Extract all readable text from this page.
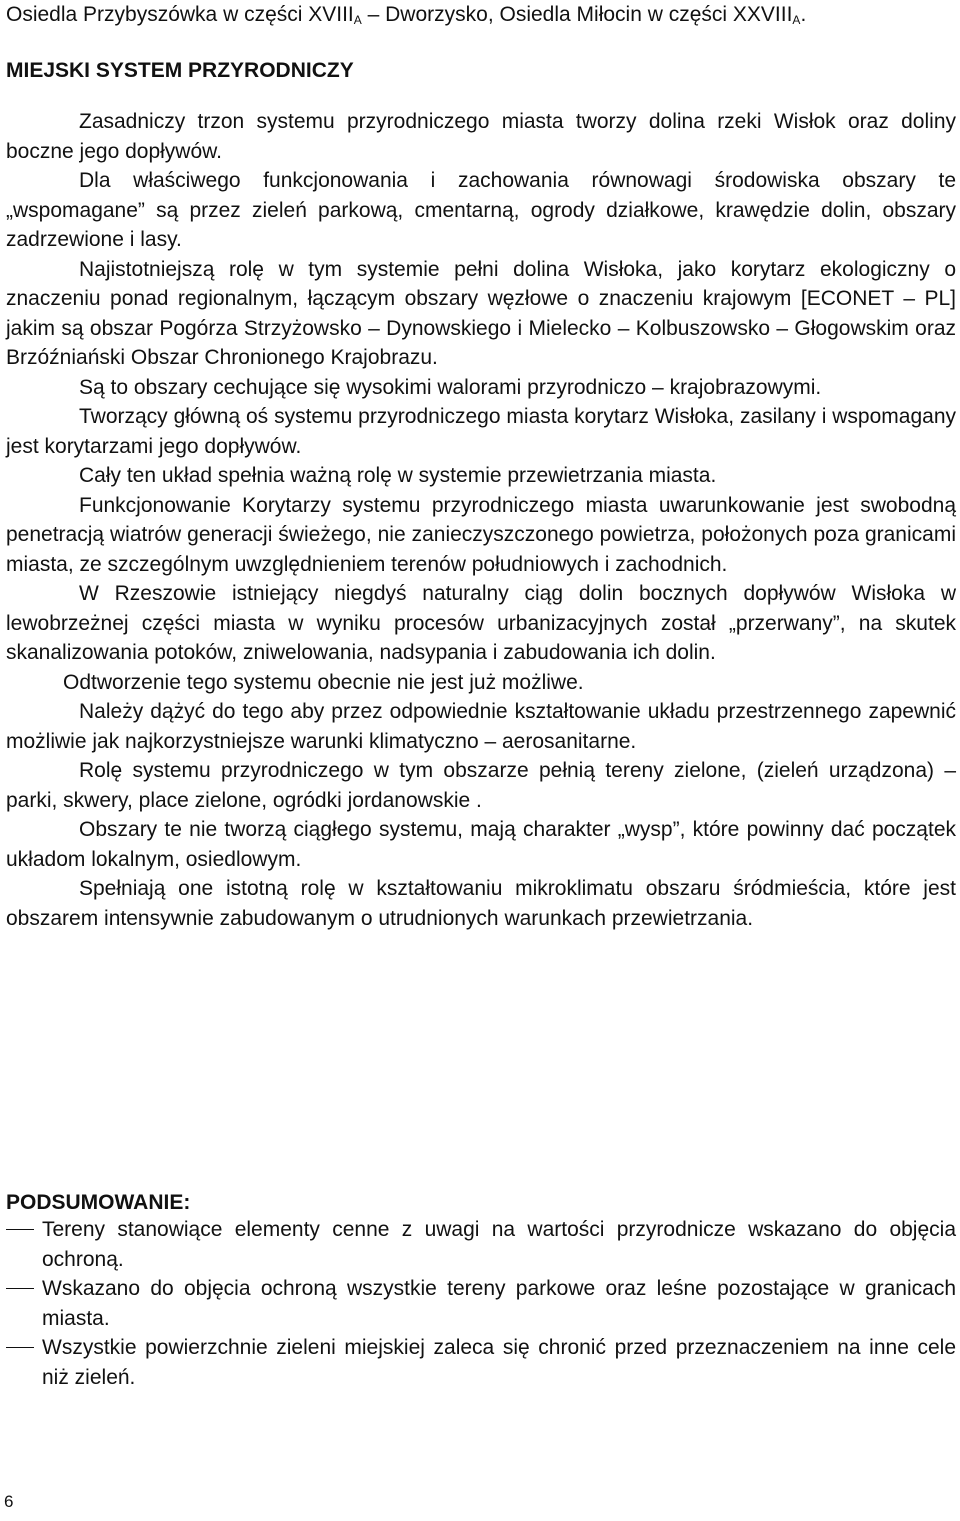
Osiedla Przybyszówka w części $XVIII_A$ – Dworzysko, Osiedla Miłocin w części $XXVIII_A$.

MIEJSKI SYSTEM PRZYRODNICZY

Zasadniczy trzon systemu przyrodniczego miasta tworzy dolina rzeki Wisłok oraz doliny boczne jego dopływów.

Dla właściwego funkcjonowania i zachowania równowagi środowiska obszary te „wspomagane” są przez zieleń parkową, cmentarną, ogrody działkowe, krawędzie dolin, obszary zadrzewione i lasy.

Najistotniejszą rolę w tym systemie pełni dolina Wisłoka, jako korytarz ekologiczny o znaczeniu ponad regionalnym, łączącym obszary węzłowe o znaczeniu krajowym [ECONET – PL] jakim są obszar Pogórza Strzyżowsko – Dynowskiego i Mielecko – Kolbuszowsko – Głogowskim oraz Brzóźniański Obszar Chronionego Krajobrazu.

Są to obszary cechujące się wysokimi walorami przyrodniczo – krajobrazowymi.

Tworzący główną oś systemu przyrodniczego miasta korytarz Wisłoka, zasilany i wspomagany jest korytarzami jego dopływów.

Cały ten układ spełnia ważną rolę w systemie przewietrzania miasta.

Funkcjonowanie Korytarzy systemu przyrodniczego miasta uwarunkowanie jest swobodną penetracją wiatrów generacji świeżego, nie zanieczyszczonego powietrza, położonych poza granicami miasta, ze szczególnym uwzględnieniem terenów południowych i zachodnich.

W Rzeszowie istniejący niegdyś naturalny ciąg dolin bocznych dopływów Wisłoka w lewobrzeżnej części miasta w wyniku procesów urbanizacyjnych został „przerwany”, na skutek skanalizowania potoków, zniwelowania, nadsypania i zabudowania ich dolin.

Odtworzenie tego systemu obecnie nie jest już możliwe.

Należy dążyć do tego aby przez odpowiednie kształtowanie układu przestrzennego zapewnić możliwie jak najkorzystniejsze warunki klimatyczno – aerosanitarne.

Rolę systemu przyrodniczego w tym obszarze pełnią tereny zielone, (zieleń urządzona) – parki, skwery, place zielone, ogródki jordanowskie .

Obszary te nie tworzą ciągłego systemu, mają charakter „wysp”, które powinny dać początek układom lokalnym, osiedlowym.

Spełniają one istotną rolę w kształtowaniu mikroklimatu obszaru śródmieścia, które jest obszarem intensywnie zabudowanym o utrudnionych warunkach przewietrzania.

PODSUMOWANIE:
Tereny stanowiące elementy cenne z uwagi na wartości przyrodnicze wskazano do objęcia ochroną.
Wskazano do objęcia ochroną wszystkie tereny parkowe oraz leśne pozostające w granicach miasta.
Wszystkie powierzchnie zieleni miejskiej zaleca się chronić przed przeznaczeniem na inne cele niż zieleń.
6
